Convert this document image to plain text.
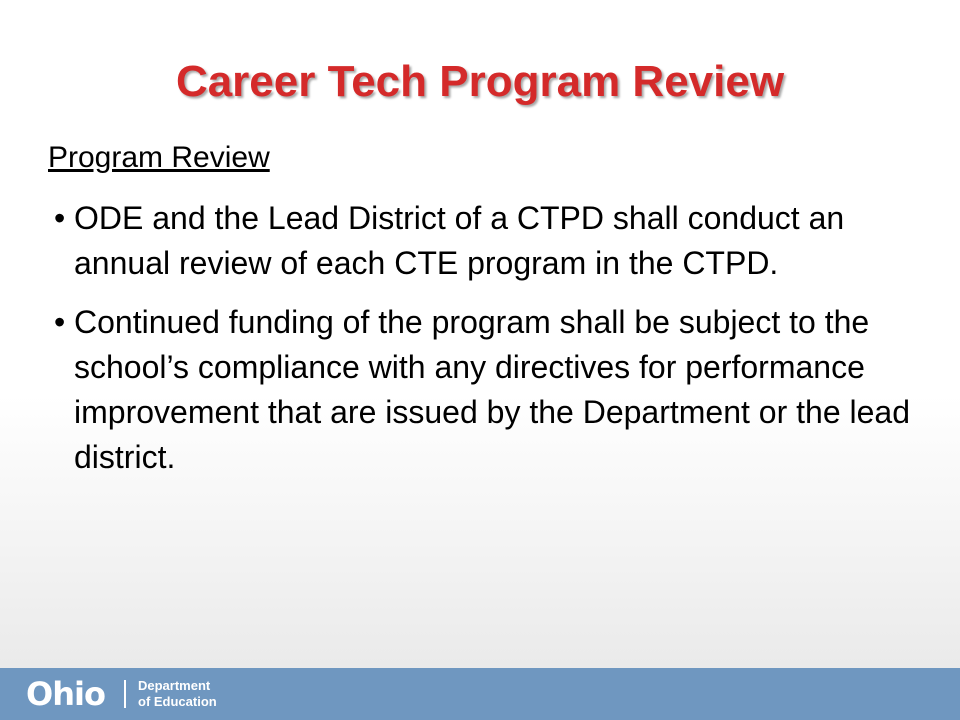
Career Tech Program Review

Program Review

• ODE and the Lead District of a CTPD shall conduct an annual review of each CTE program in the CTPD.
• Continued funding of the program shall be subject to the school’s compliance with any directives for performance improvement that are issued by the Department or the lead district.
Ohio	Department
of Education
